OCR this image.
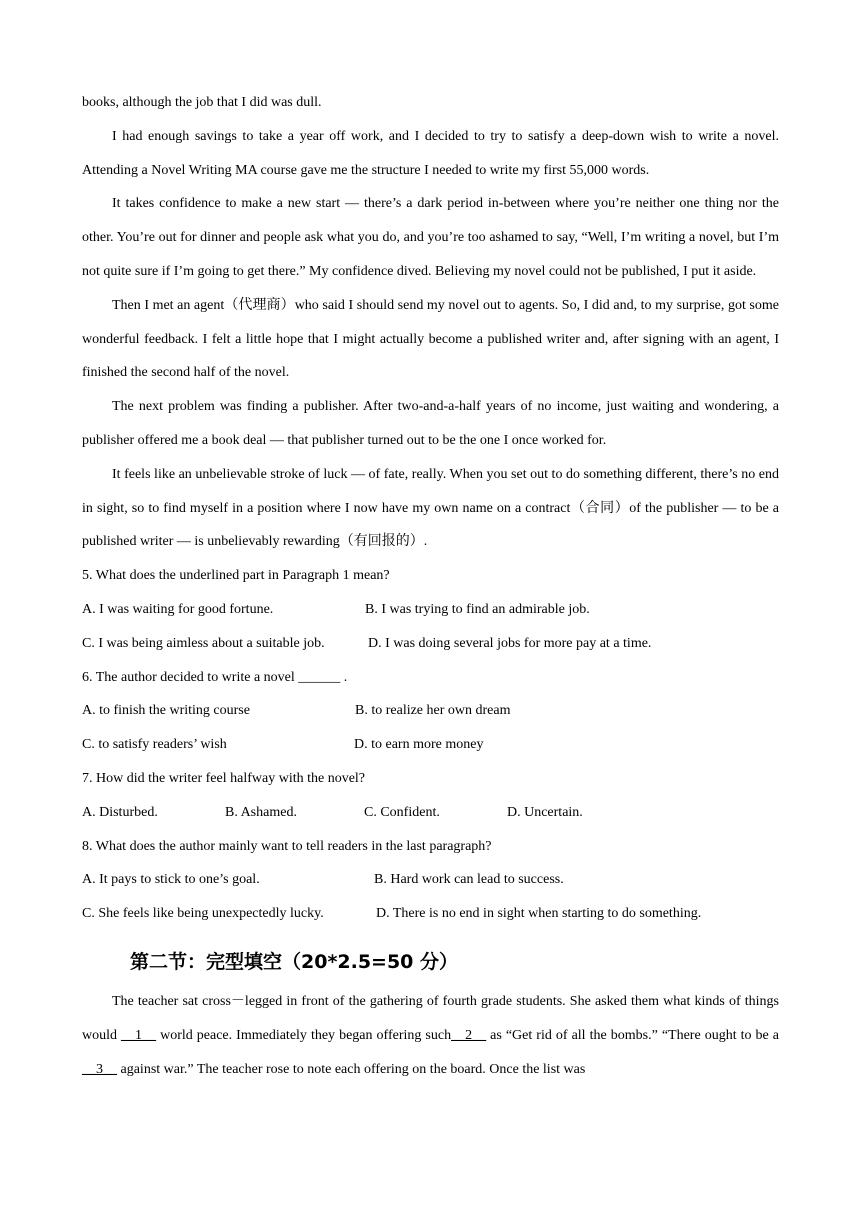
books, although the job that I did was dull.

I had enough savings to take a year off work, and I decided to try to satisfy a deep-down wish to write a novel. Attending a Novel Writing MA course gave me the structure I needed to write my first 55,000 words.

It takes confidence to make a new start — there’s a dark period in-between where you’re neither one thing nor the other. You’re out for dinner and people ask what you do, and you’re too ashamed to say, “Well, I’m writing a novel, but I’m not quite sure if I’m going to get there.” My confidence dived. Believing my novel could not be published, I put it aside.

Then I met an agent（代理商）who said I should send my novel out to agents. So, I did and, to my surprise, got some wonderful feedback. I felt a little hope that I might actually become a published writer and, after signing with an agent, I finished the second half of the novel.

The next problem was finding a publisher. After two-and-a-half years of no income, just waiting and wondering, a publisher offered me a book deal — that publisher turned out to be the one I once worked for.

It feels like an unbelievable stroke of luck — of fate, really. When you set out to do something different, there’s no end in sight, so to find myself in a position where I now have my own name on a contract（合同）of the publisher — to be a published writer — is unbelievably rewarding（有回报的）.

5. What does the underlined part in Paragraph 1 mean?

A. I was waiting for good fortune.	B. I was trying to find an admirable job.
C. I was being aimless about a suitable job.	D. I was doing several jobs for more pay at a time.

6. The author decided to write a novel ______ .

A. to finish the writing course	B. to realize her own dream
C. to satisfy readers’ wish	D. to earn more money

7. How did the writer feel halfway with the novel?

A. Disturbed.	B. Ashamed.	C. Confident.	D. Uncertain.

8. What does the author mainly want to tell readers in the last paragraph?

A. It pays to stick to one’s goal.	B. Hard work can lead to success.
C. She feels like being unexpectedly lucky.	D. There is no end in sight when starting to do something.
第二节：完型填空（20*2.5=50 分）

The teacher sat cross－legged in front of the gathering of fourth grade students. She asked them what kinds of things would __1__ world peace. Immediately they began offering such__2__ as “Get rid of all the bombs.” “There ought to be a __3__ against war.” The teacher rose to note each offering on the board. Once the list was
